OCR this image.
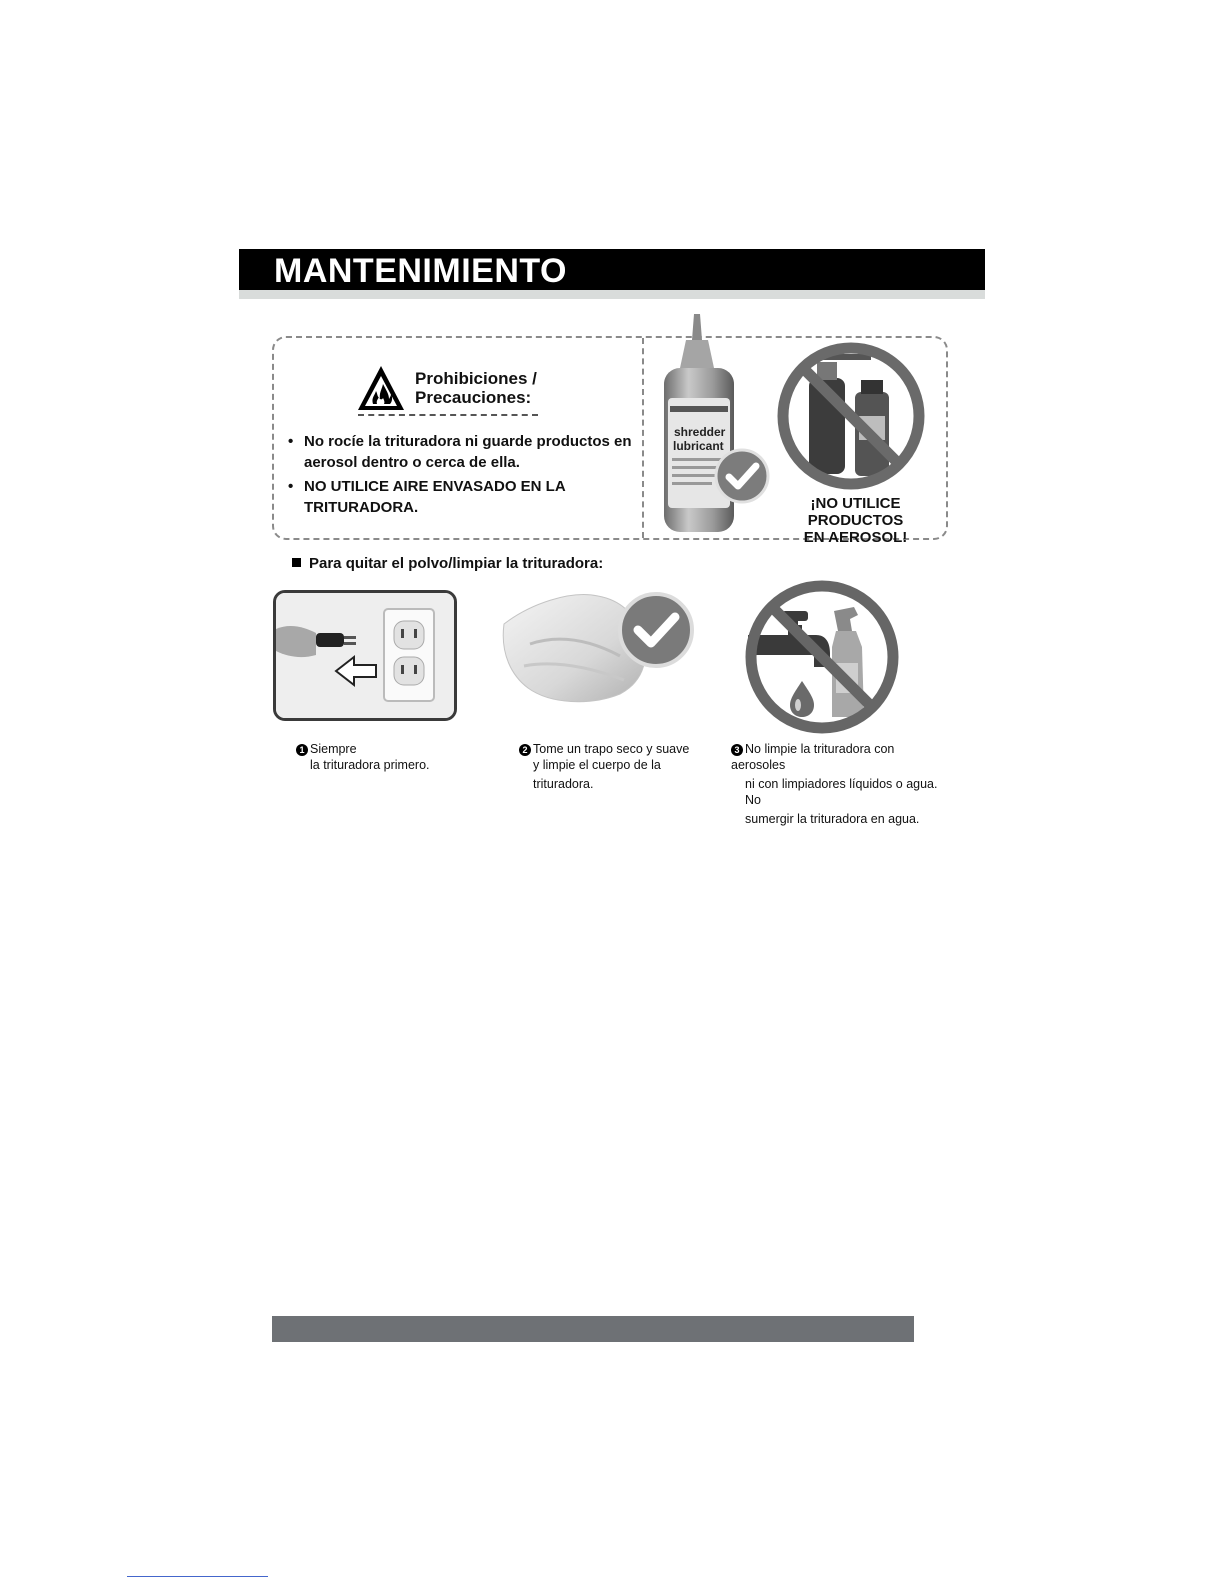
MANTENIMIENTO
Prohibiciones /
Precauciones:
• No rocíe la trituradora ni guarde productos en aerosol dentro o cerca de ella.
• NO UTILICE AIRE ENVASADO EN LA TRITURADORA.
shredder
lubricant
¡NO UTILICE PRODUCTOS
EN AEROSOL!
Para quitar el polvo/limpiar la trituradora:
1 Siempre
la trituradora primero.
2 Tome un trapo seco y suave
y limpie el cuerpo de la
trituradora.
3 No limpie la trituradora con aerosoles
ni con limpiadores líquidos o agua. No
sumergir la trituradora en agua.
